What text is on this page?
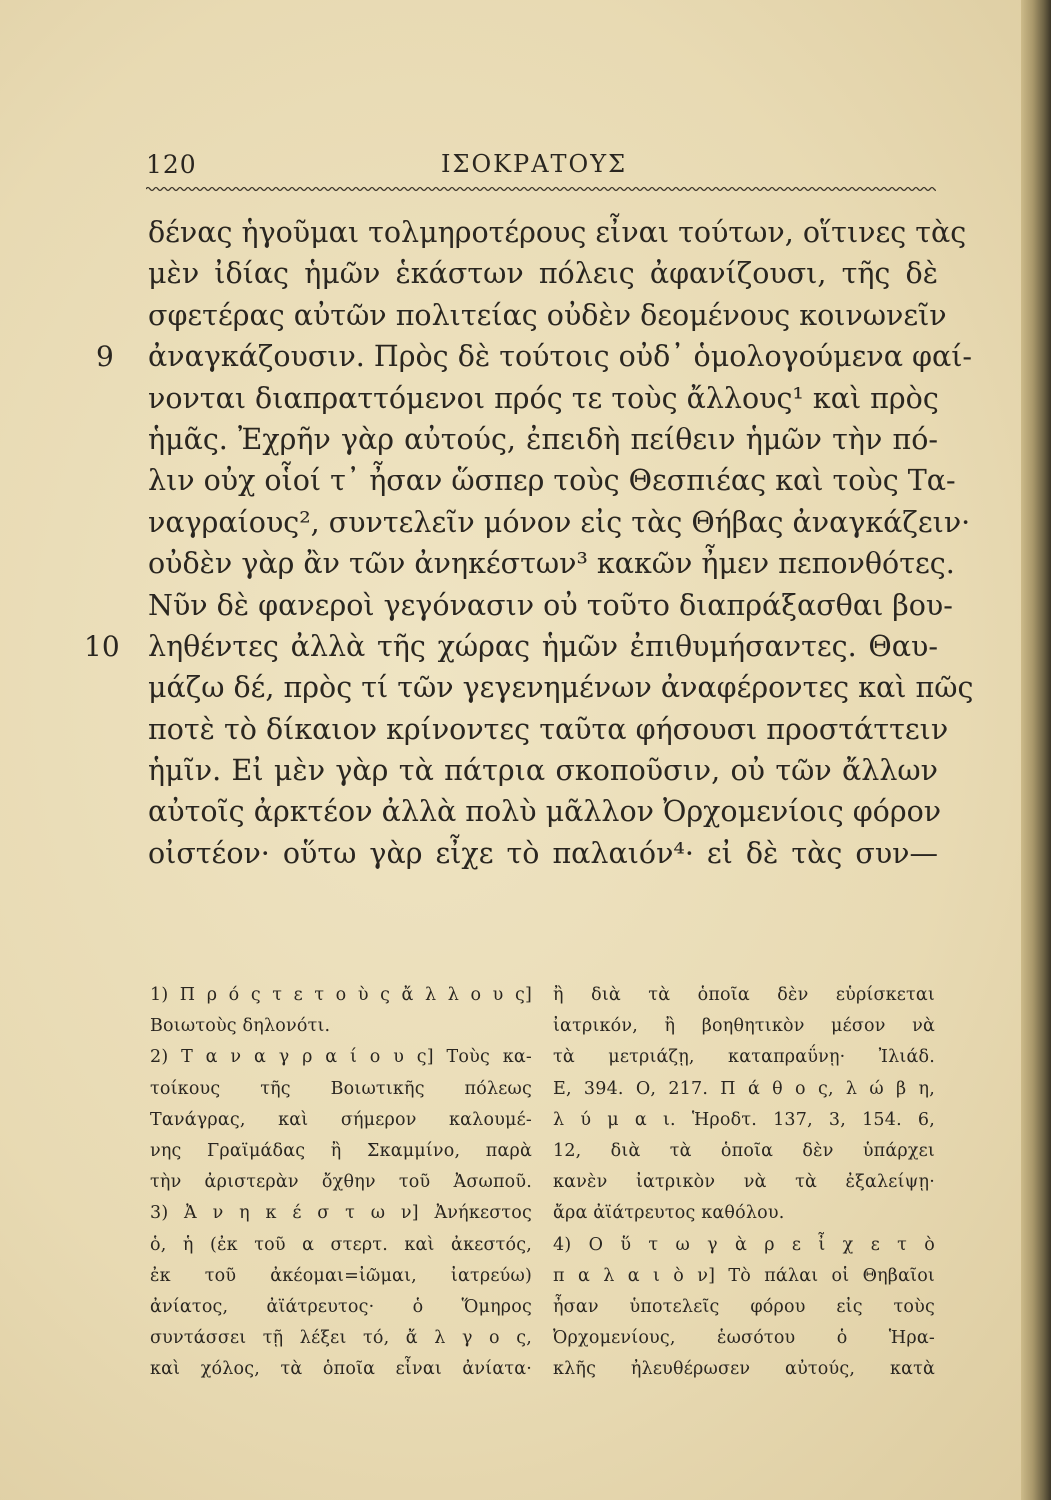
120	ΙΣΟΚΡΑΤΟΥΣ
δένας ἡγοῦμαι τολμηροτέρους εἶναι τούτων, οἵτινες τὰς
μὲν ἰδίας ἡμῶν ἑκάστων πόλεις ἀφανίζουσι, τῆς δὲ
σφετέρας αὐτῶν πολιτείας οὐδὲν δεομένους κοινωνεῖν
9 ἀναγκάζουσιν. Πρὸς δὲ τούτοις οὐδ᾽ ὁμολογούμενα φαί-
νονται διαπραττόμενοι πρός τε τοὺς ἄλλους¹ καὶ πρὸς
ἡμᾶς. Ἐχρῆν γὰρ αὐτούς, ἐπειδὴ πείθειν ἡμῶν τὴν πό-
λιν οὐχ οἷοί τ᾽ ἦσαν ὥσπερ τοὺς Θεσπιέας καὶ τοὺς Τα-
ναγραίους², συντελεῖν μόνον εἰς τὰς Θήβας ἀναγκάζειν·
οὐδὲν γὰρ ἂν τῶν ἀνηκέστων³ κακῶν ἦμεν πεπονθότες.
Νῦν δὲ φανεροὶ γεγόνασιν οὐ τοῦτο διαπράξασθαι βου-
10 ληθέντες ἀλλὰ τῆς χώρας ἡμῶν ἐπιθυμήσαντες. Θαυ-
μάζω δέ, πρὸς τί τῶν γεγενημένων ἀναφέροντες καὶ πῶς
ποτὲ τὸ δίκαιον κρίνοντες ταῦτα φήσουσι προστάττειν
ἡμῖν. Εἰ μὲν γὰρ τὰ πάτρια σκοποῦσιν, οὐ τῶν ἄλλων
αὐτοῖς ἀρκτέον ἀλλὰ πολὺ μᾶλλον Ὀρχομενίοις φόρον
οἰστέον· οὕτω γὰρ εἶχε τὸ παλαιόν⁴· εἰ δὲ τὰς συν—
1) Π ρ ό ς τ ε τ ο ὺ ς ἄ λ λ ο υ ς]
Βοιωτοὺς δηλονότι.
2) Τ α ν α γ ρ α ί ο υ ς] Τοὺς κα-
τοίκους τῆς Βοιωτικῆς πόλεως
Τανάγρας, καὶ σήμερον καλουμέ-
νης Γραϊμάδας ἢ Σκαμμίνο, παρὰ
τὴν ἀριστερὰν ὄχθην τοῦ Ἀσωποῦ.
3) Ἀ ν η κ έ σ τ ω ν] Ἀνήκεστος
ὁ, ἡ (ἐκ τοῦ α στερτ. καὶ ἀκεστός,
ἐκ τοῦ ἀκέομαι=ἰῶμαι, ἰατρεύω)
ἀνίατος, ἀϊάτρευτος· ὁ Ὅμηρος
συντάσσει τῇ λέξει τό, ἄ λ γ ο ς,
καὶ χόλος, τὰ ὁποῖα εἶναι ἀνίατα·
ἢ διὰ τὰ ὁποῖα δὲν εὑρίσκεται
ἰατρικόν, ἢ βοηθητικὸν μέσον νὰ
τὰ μετριάζῃ, καταπραΰνῃ· Ἰλιάδ.
Ε, 394. Ο, 217. Π ά θ ο ς, λ ώ β η,
λ ύ μ α ι. Ἡροδτ. 137, 3, 154. 6,
12, διὰ τὰ ὁποῖα δὲν ὑπάρχει
κανὲν ἰατρικὸν νὰ τὰ ἐξαλείψῃ·
ἄρα ἀϊάτρευτος καθόλου.
4) Ο ὕ τ ω γ ὰ ρ ε ἶ χ ε τ ὸ
π α λ α ι ὸ ν] Τὸ πάλαι οἱ Θηβαῖοι
ἦσαν ὑποτελεῖς φόρου εἰς τοὺς
Ὀρχομενίους, ἑωσότου ὁ Ἡρα-
κλῆς ἠλευθέρωσεν αὐτούς, κατὰ
